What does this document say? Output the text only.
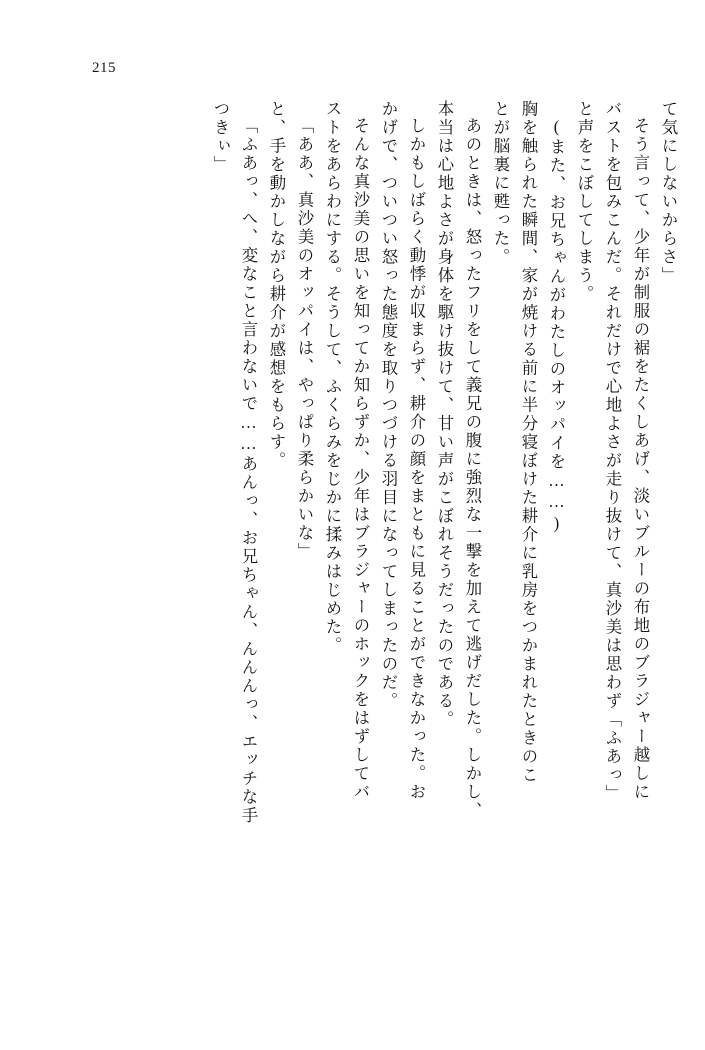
215
て気にしないからさ」
そう言って、少年が制服の裾をたくしあげ、淡いブルーの布地のブラジャー越しに
バストを包みこんだ。それだけで心地よさが走り抜けて、真沙美は思わず「ふあっ」
と声をこぼしてしまう。
(また、お兄ちゃんがわたしのオッパイを……)
胸を触られた瞬間、家が焼ける前に半分寝ぼけた耕介に乳房をつかまれたときのこ
とが脳裏に甦った。
あのときは、怒ったフリをして義兄の腹に強烈な一撃を加えて逃げだした。しかし、
本当は心地よさが身体を駆け抜けて、甘い声がこぼれそうだったのである。
しかもしばらく動悸が収まらず、耕介の顔をまともに見ることができなかった。お
かげで、ついつい怒った態度を取りつづける羽目になってしまったのだ。
そんな真沙美の思いを知ってか知らずか、少年はブラジャーのホックをはずしてバ
ストをあらわにする。そうして、ふくらみをじかに揉みはじめた。
「ああ、真沙美のオッパイは、やっぱり柔らかいな」
と、手を動かしながら耕介が感想をもらす。
「ふあっ、へ、変なこと言わないで……あんっ、お兄ちゃん、んんんっ、エッチな手
つきぃ」
